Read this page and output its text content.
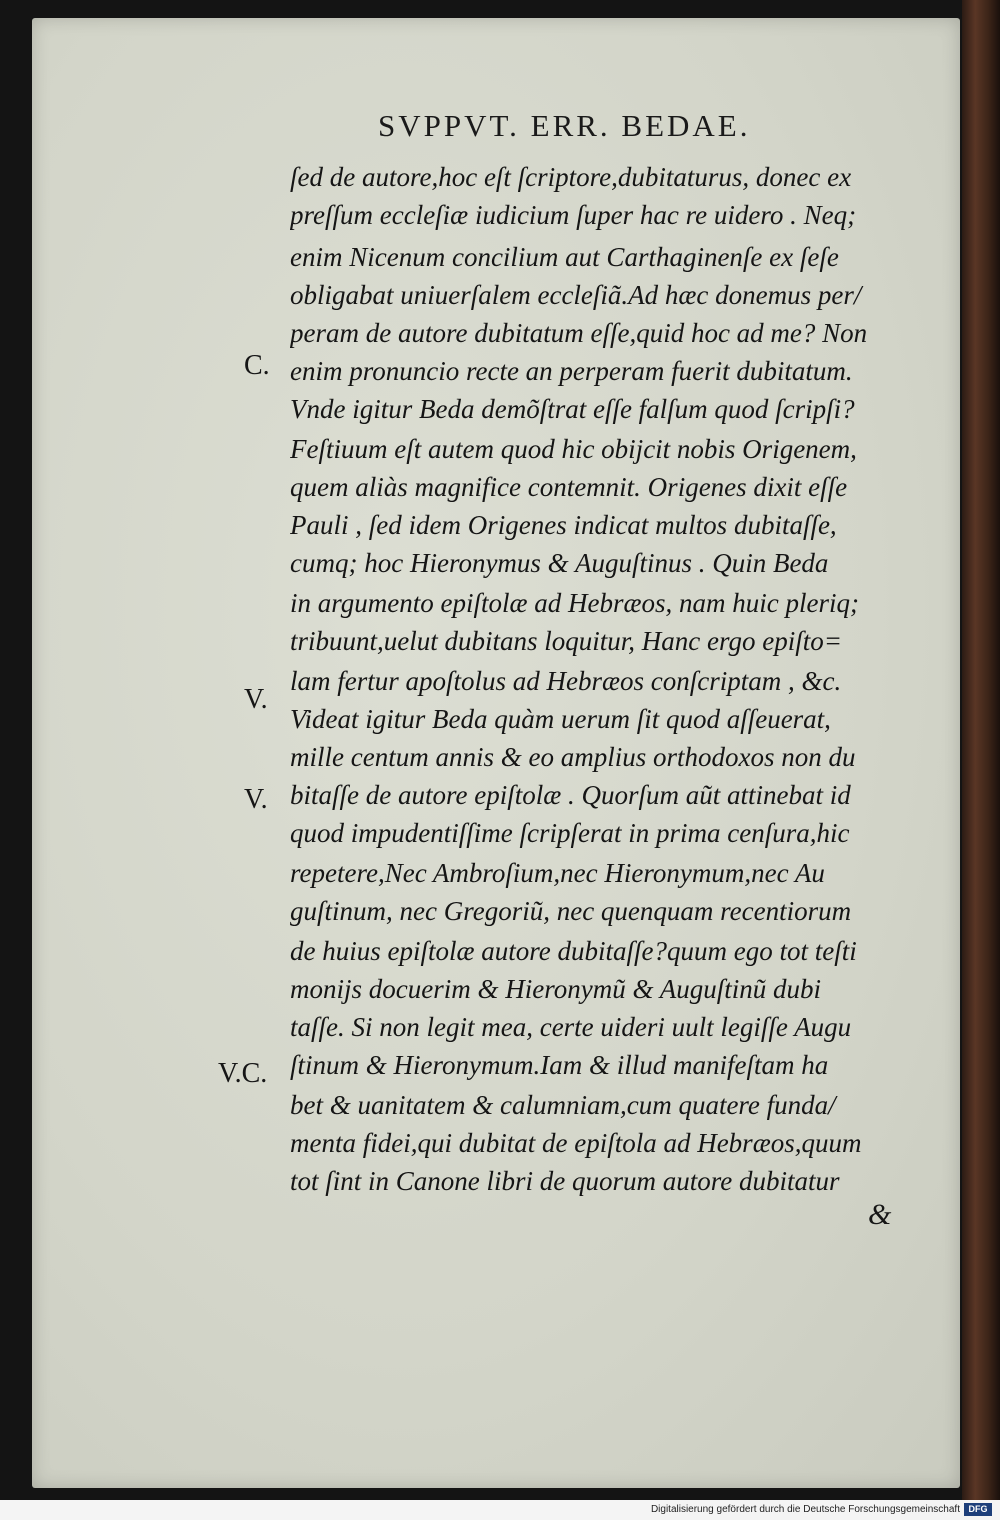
SVPPVT. ERR. BEDAE.
ſed de autore,hoc eſt ſcriptore,dubitaturus, donec ex
preſſum eccleſiæ iudicium ſuper hac re uidero . Neq;
enim Nicenum concilium aut Carthaginenſe ex ſeſe
obligabat uniuerſalem eccleſiã.Ad hæc donemus per/
peram de autore dubitatum eſſe,quid hoc ad me? Non
enim pronuncio recte an perperam fuerit dubitatum.
Vnde igitur Beda demõſtrat eſſe falſum quod ſcripſi?
Feſtiuum eſt autem quod hic obijcit nobis Origenem,
quem aliàs magnifice contemnit. Origenes dixit eſſe
Pauli , ſed idem Origenes indicat multos dubitaſſe,
cumq; hoc Hieronymus & Auguſtinus . Quin Beda
in argumento epiſtolæ ad Hebræos, nam huic pleriq;
tribuunt,uelut dubitans loquitur, Hanc ergo epiſto=
lam fertur apoſtolus ad Hebræos conſcriptam , &c.
Videat igitur Beda quàm uerum ſit quod aſſeuerat,
mille centum annis & eo amplius orthodoxos non du
bitaſſe de autore epiſtolæ . Quorſum aũt attinebat id
quod impudentiſſime ſcripſerat in prima cenſura,hic
repetere,Nec Ambroſium,nec Hieronymum,nec Au
guſtinum, nec Gregoriũ, nec quenquam recentiorum
de huius epiſtolæ autore dubitaſſe?quum ego tot teſti
monijs docuerim & Hieronymũ & Auguſtinũ dubi
taſſe. Si non legit mea, certe uideri uult legiſſe Augu
ſtinum & Hieronymum.Iam & illud manifeſtam ha
bet & uanitatem & calumniam,cum quatere funda/
menta fidei,qui dubitat de epiſtola ad Hebræos,quum
tot ſint in Canone libri de quorum autore dubitatur
C.
V.
V.
V.C.
&
Digitalisierung gefördert durch die Deutsche Forschungsgemeinschaft DFG
